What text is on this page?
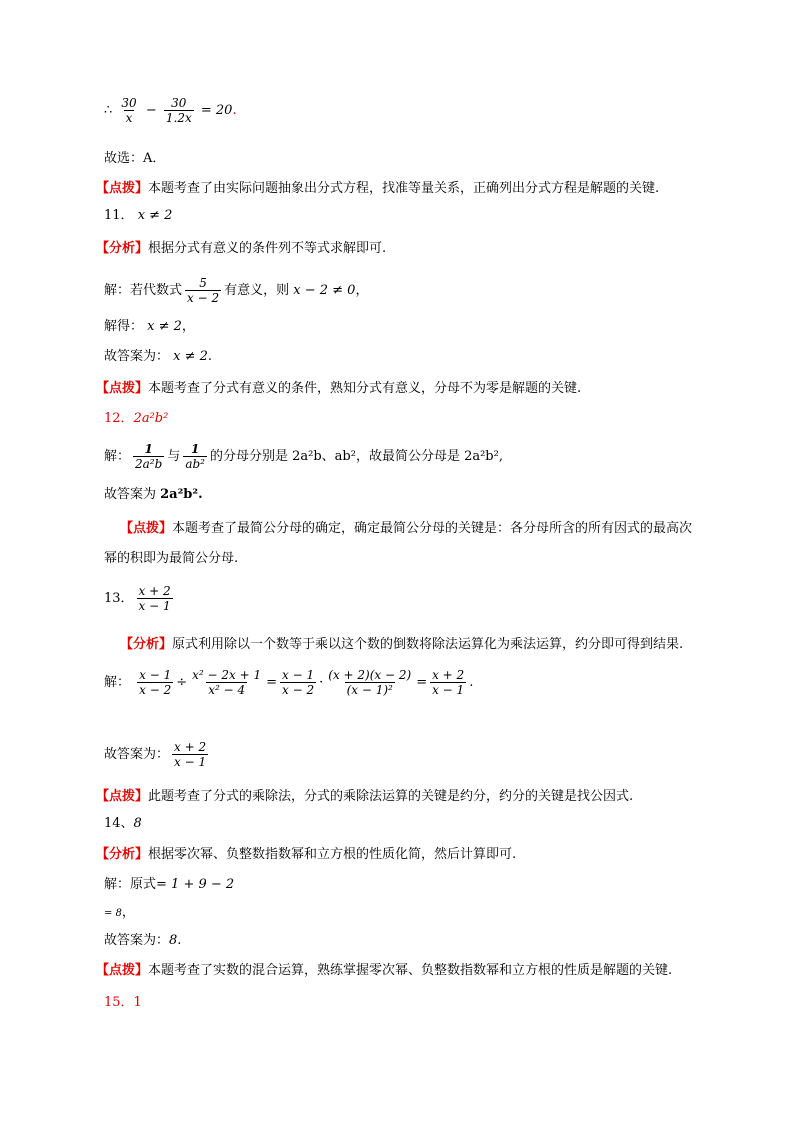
∴ $\frac{30}{x} - \frac{30}{1.2x} = 20$.
故选：A．
【点拨】本题考查了由实际问题抽象出分式方程，找准等量关系，正确列出分式方程是解题的关键.
11． x ≠ 2
【分析】根据分式有意义的条件列不等式求解即可.
解：若代数式 $\frac{5}{x - 2}$ 有意义，则 x − 2 ≠ 0，
解得： x ≠ 2，
故答案为： x ≠ 2.
【点拨】本题考查了分式有意义的条件，熟知分式有意义，分母不为零是解题的关键.
12．2a²b²
解： $\frac{1}{\text{2a²b}}$ 与 $\frac{1}{\text{ab²}}$ 的分母分别是 2a²b、ab²，故最简公分母是 2a²b²,
故答案为 2a²b².
【点拨】本题考查了最简公分母的确定，确定最简公分母的关键是：各分母所含的所有因式的最高次
幂的积即为最简公分母.
13． $\frac{x + 2}{x - 1}$
【分析】原式利用除以一个数等于乘以这个数的倒数将除法运算化为乘法运算，约分即可得到结果.
解： $\frac{x - 1}{x - 2} \div \frac{\text{x² − 2x + 1}}{\text{x² − 4}} = \frac{x - 1}{x - 2} \cdot \frac{(x + 2)(x - 2)}{\text{(x − 1)²}} = \frac{x + 2}{x - 1}$ .
故答案为： $\frac{x + 2}{x - 1}$
【点拨】此题考查了分式的乘除法，分式的乘除法运算的关键是约分，约分的关键是找公因式.
14、8
【分析】根据零次幂、负整数指数幂和立方根的性质化简，然后计算即可.
解：原式= 1 + 9 − 2
= 8，
故答案为：8.
【点拨】本题考查了实数的混合运算，熟练掌握零次幂、负整数指数幂和立方根的性质是解题的关键.
15．1
